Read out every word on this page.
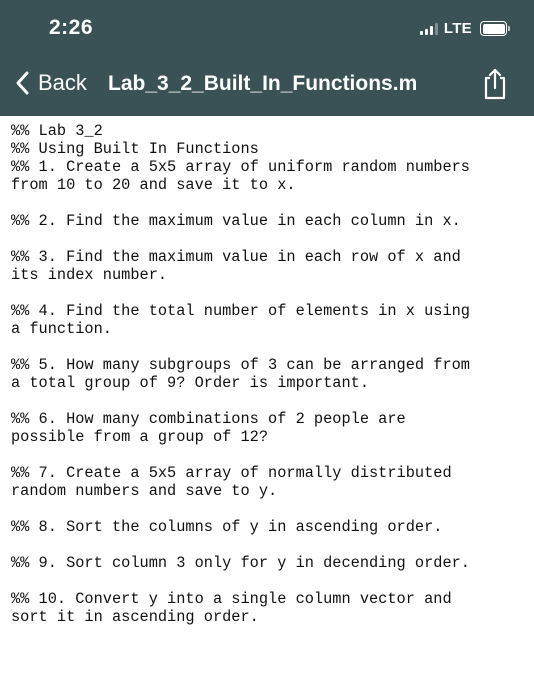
2:26	LTE
Back Lab_3_2_Built_In_Functions.m
%% Lab 3_2
%% Using Built In Functions
%% 1. Create a 5x5 array of uniform random numbers
from 10 to 20 and save it to x.
%% 2. Find the maximum value in each column in x.
%% 3. Find the maximum value in each row of x and
its index number.
%% 4. Find the total number of elements in x using
a function.
%% 5. How many subgroups of 3 can be arranged from
a total group of 9? Order is important.
%% 6. How many combinations of 2 people are
possible from a group of 12?
%% 7. Create a 5x5 array of normally distributed
random numbers and save to y.
%% 8. Sort the columns of y in ascending order.
%% 9. Sort column 3 only for y in decending order.
%% 10. Convert y into a single column vector and
sort it in ascending order.
